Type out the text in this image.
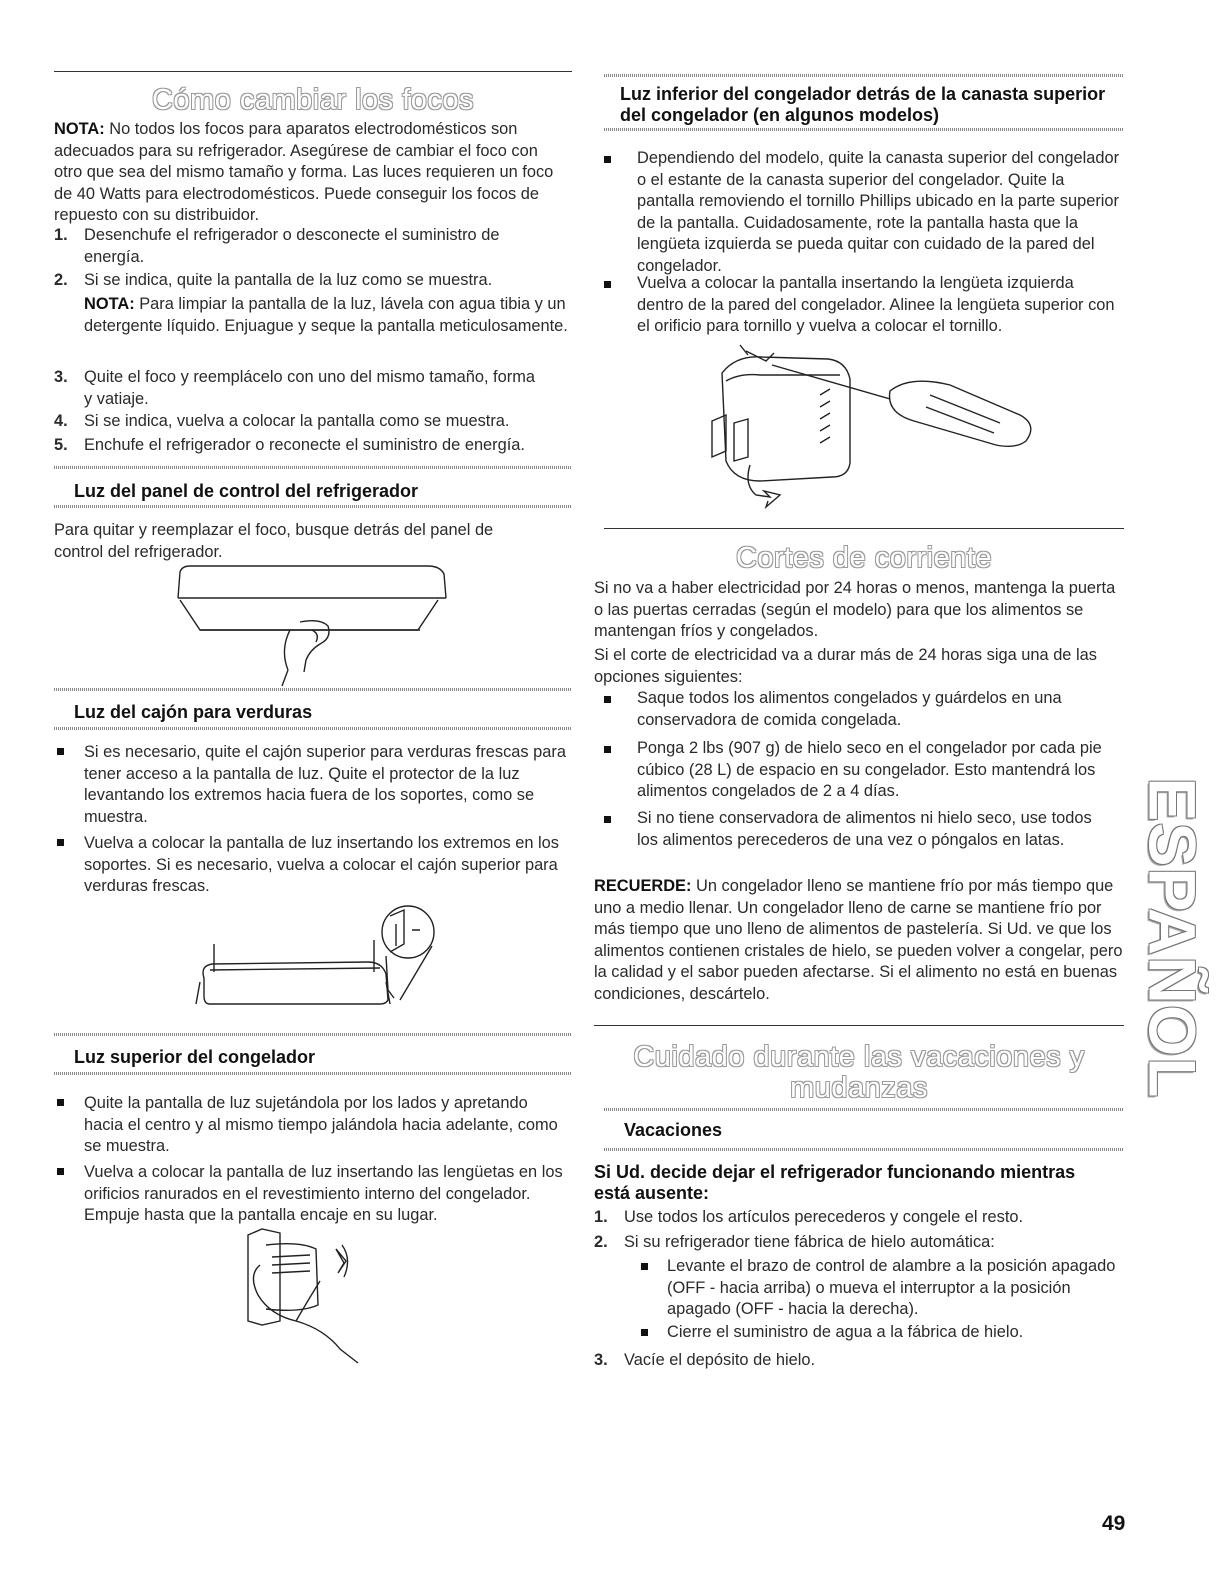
Cómo cambiar los focos

NOTA: No todos los focos para aparatos electrodomésticos son adecuados para su refrigerador. Asegúrese de cambiar el foco con otro que sea del mismo tamaño y forma. Las luces requieren un foco de 40 Watts para electrodomésticos. Puede conseguir los focos de repuesto con su distribuidor.

1. Desenchufe el refrigerador o desconecte el suministro de energía.

2. Si se indica, quite la pantalla de la luz como se muestra.

NOTA: Para limpiar la pantalla de la luz, lávela con agua tibia y un detergente líquido. Enjuague y seque la pantalla meticulosamente.

3. Quite el foco y reemplácelo con uno del mismo tamaño, forma y vatiaje.

4. Si se indica, vuelva a colocar la pantalla como se muestra.

5. Enchufe el refrigerador o reconecte el suministro de energía.

Luz del panel de control del refrigerador

Para quitar y reemplazar el foco, busque detrás del panel de control del refrigerador.

Luz del cajón para verduras

Si es necesario, quite el cajón superior para verduras frescas para tener acceso a la pantalla de luz. Quite el protector de la luz levantando los extremos hacia fuera de los soportes, como se muestra.

Vuelva a colocar la pantalla de luz insertando los extremos en los soportes. Si es necesario, vuelva a colocar el cajón superior para verduras frescas.

Luz superior del congelador

Quite la pantalla de luz sujetándola por los lados y apretando hacia el centro y al mismo tiempo jalándola hacia adelante, como se muestra.

Vuelva a colocar la pantalla de luz insertando las lengüetas en los orificios ranurados en el revestimiento interno del congelador. Empuje hasta que la pantalla encaje en su lugar.

Luz inferior del congelador detrás de la canasta superior del congelador (en algunos modelos)

Dependiendo del modelo, quite la canasta superior del congelador o el estante de la canasta superior del congelador. Quite la pantalla removiendo el tornillo Phillips ubicado en la parte superior de la pantalla. Cuidadosamente, rote la pantalla hasta que la lengüeta izquierda se pueda quitar con cuidado de la pared del congelador.

Vuelva a colocar la pantalla insertando la lengüeta izquierda dentro de la pared del congelador. Alinee la lengüeta superior con el orificio para tornillo y vuelva a colocar el tornillo.

Cortes de corriente

Si no va a haber electricidad por 24 horas o menos, mantenga la puerta o las puertas cerradas (según el modelo) para que los alimentos se mantengan fríos y congelados.

Si el corte de electricidad va a durar más de 24 horas siga una de las opciones siguientes:

Saque todos los alimentos congelados y guárdelos en una conservadora de comida congelada.

Ponga 2 lbs (907 g) de hielo seco en el congelador por cada pie cúbico (28 L) de espacio en su congelador. Esto mantendrá los alimentos congelados de 2 a 4 días.

Si no tiene conservadora de alimentos ni hielo seco, use todos los alimentos perecederos de una vez o póngalos en latas.

RECUERDE: Un congelador lleno se mantiene frío por más tiempo que uno a medio llenar. Un congelador lleno de carne se mantiene frío por más tiempo que uno lleno de alimentos de pastelería. Si Ud. ve que los alimentos contienen cristales de hielo, se pueden volver a congelar, pero la calidad y el sabor pueden afectarse. Si el alimento no está en buenas condiciones, descártelo.

Cuidado durante las vacaciones y
mudanzas
Vacaciones
Si Ud. decide dejar el refrigerador funcionando mientras está ausente:
1. Use todos los artículos perecederos y congele el resto.

2. Si su refrigerador tiene fábrica de hielo automática:

Levante el brazo de control de alambre a la posición apagado (OFF - hacia arriba) o mueva el interruptor a la posición apagado (OFF - hacia la derecha).

Cierre el suministro de agua a la fábrica de hielo.

3. Vacíe el depósito de hielo.

ESPAÑOL
49
